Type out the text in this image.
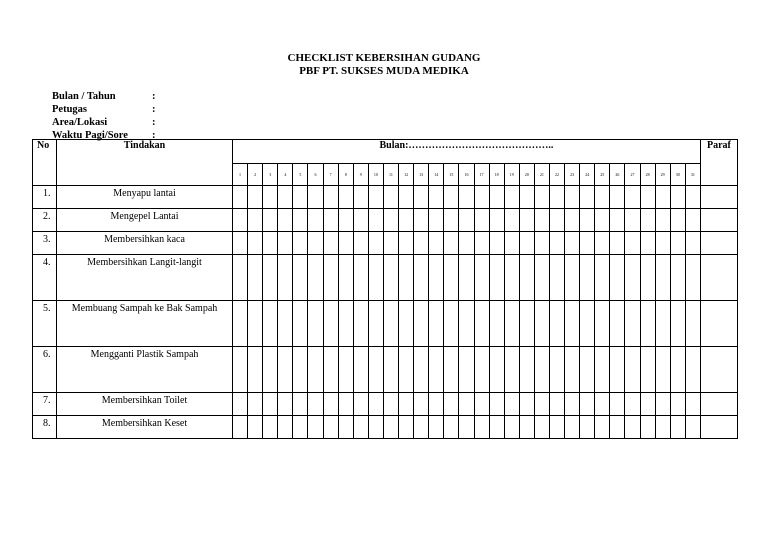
CHECKLIST KEBERSIHAN GUDANG
PBF PT. SUKSES MUDA MEDIKA
Bulan / Tahun	:
Petugas	:
Area/Lokasi	:
Waktu Pagi/Sore	:
No	Tindakan	Bulan:……………………………………..																															Paraf
		1	2	3	4	5	6	7	8	9	10	11	12	13	14	15	16	17	18	19	20	21	22	23	24	25	26	27	28	29	30	31	
1.	Menyapu lantai																																
2.	Mengepel Lantai																																
3.	Membersihkan kaca																																
4.	Membersihkan Langit-langit																																
5.	Membuang Sampah ke Bak Sampah																																
6.	Mengganti Plastik Sampah																																
7.	Membersihkan Toilet																																
8.	Membersihkan Keset																																
